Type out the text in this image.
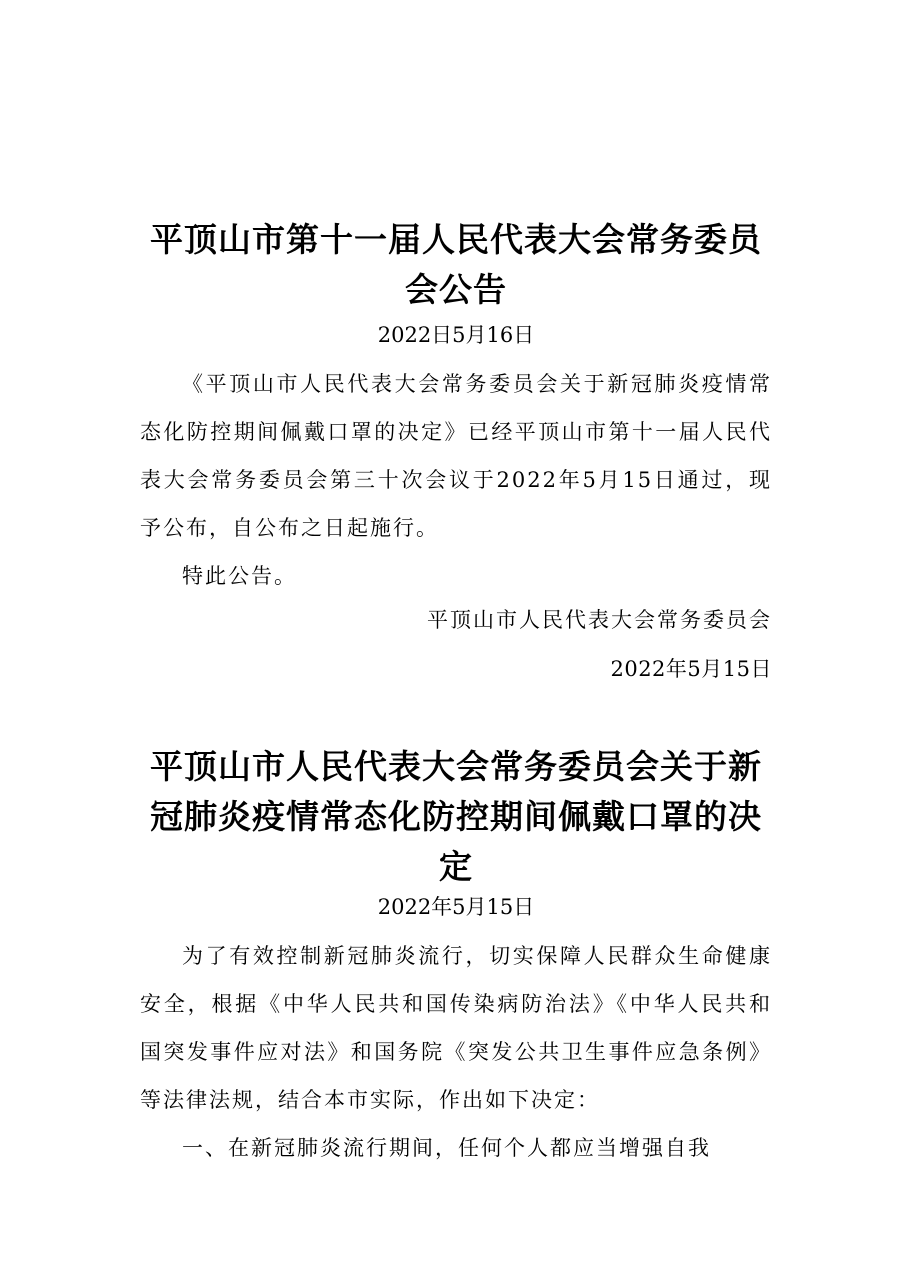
平顶山市第十一届人民代表大会常务委员会公告
2022日5月16日
《平顶山市人民代表大会常务委员会关于新冠肺炎疫情常态化防控期间佩戴口罩的决定》已经平顶山市第十一届人民代表大会常务委员会第三十次会议于2022年5月15日通过，现予公布，自公布之日起施行。
特此公告。
平顶山市人民代表大会常务委员会
2022年5月15日
平顶山市人民代表大会常务委员会关于新冠肺炎疫情常态化防控期间佩戴口罩的决定
2022年5月15日
为了有效控制新冠肺炎流行，切实保障人民群众生命健康安全，根据《中华人民共和国传染病防治法》《中华人民共和国突发事件应对法》和国务院《突发公共卫生事件应急条例》等法律法规，结合本市实际，作出如下决定：
一、在新冠肺炎流行期间，任何个人都应当增强自我
